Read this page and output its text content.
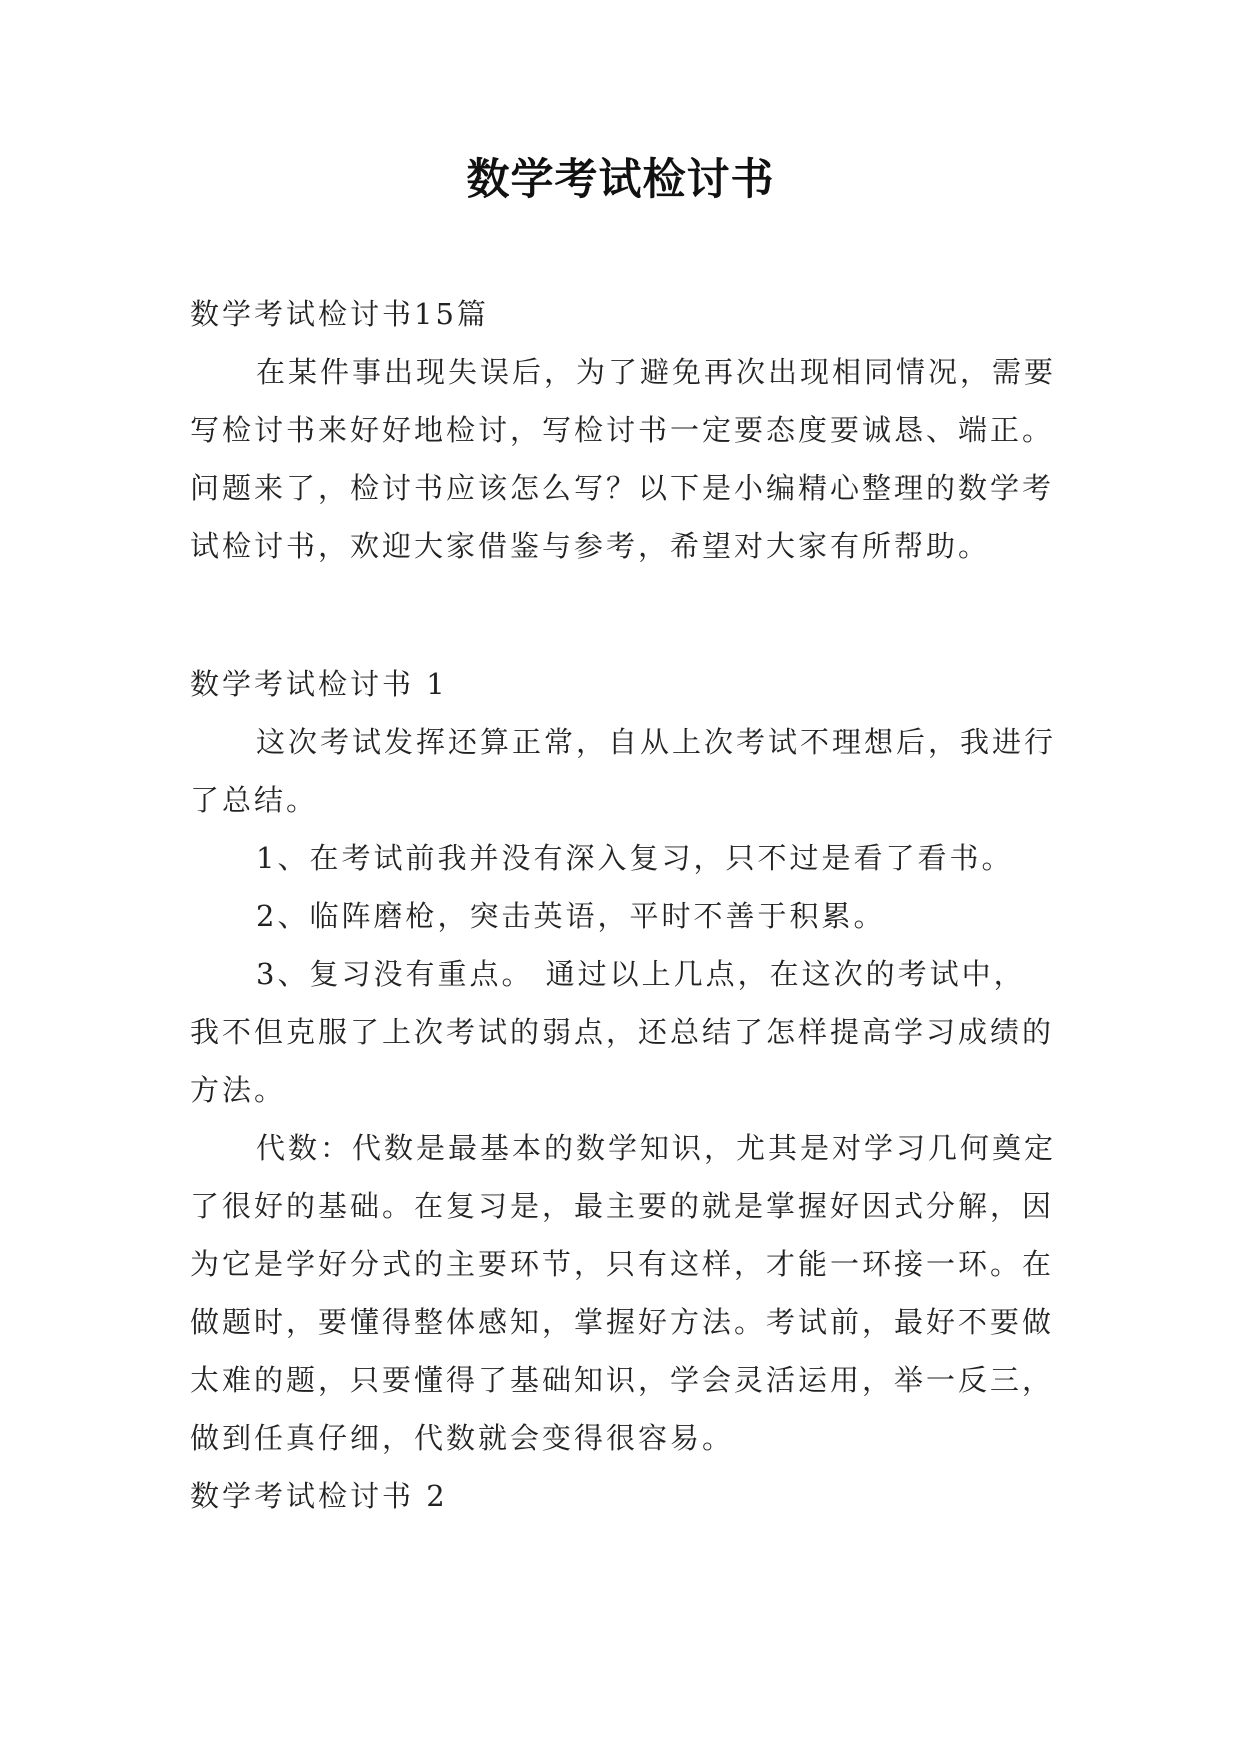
数学考试检讨书

数学考试检讨书15篇

在某件事出现失误后，为了避免再次出现相同情况，需要写检讨书来好好地检讨，写检讨书一定要态度要诚恳、端正。问题来了，检讨书应该怎么写？以下是小编精心整理的数学考试检讨书，欢迎大家借鉴与参考，希望对大家有所帮助。

数学考试检讨书 1

这次考试发挥还算正常，自从上次考试不理想后，我进行了总结。

1、在考试前我并没有深入复习，只不过是看了看书。

2、临阵磨枪，突击英语，平时不善于积累。

3、复习没有重点。 通过以上几点，在这次的考试中，我不但克服了上次考试的弱点，还总结了怎样提高学习成绩的方法。

代数：代数是最基本的数学知识，尤其是对学习几何奠定了很好的基础。在复习是，最主要的就是掌握好因式分解，因为它是学好分式的主要环节，只有这样，才能一环接一环。在做题时，要懂得整体感知，掌握好方法。考试前，最好不要做太难的题，只要懂得了基础知识，学会灵活运用，举一反三，做到任真仔细，代数就会变得很容易。

数学考试检讨书 2
